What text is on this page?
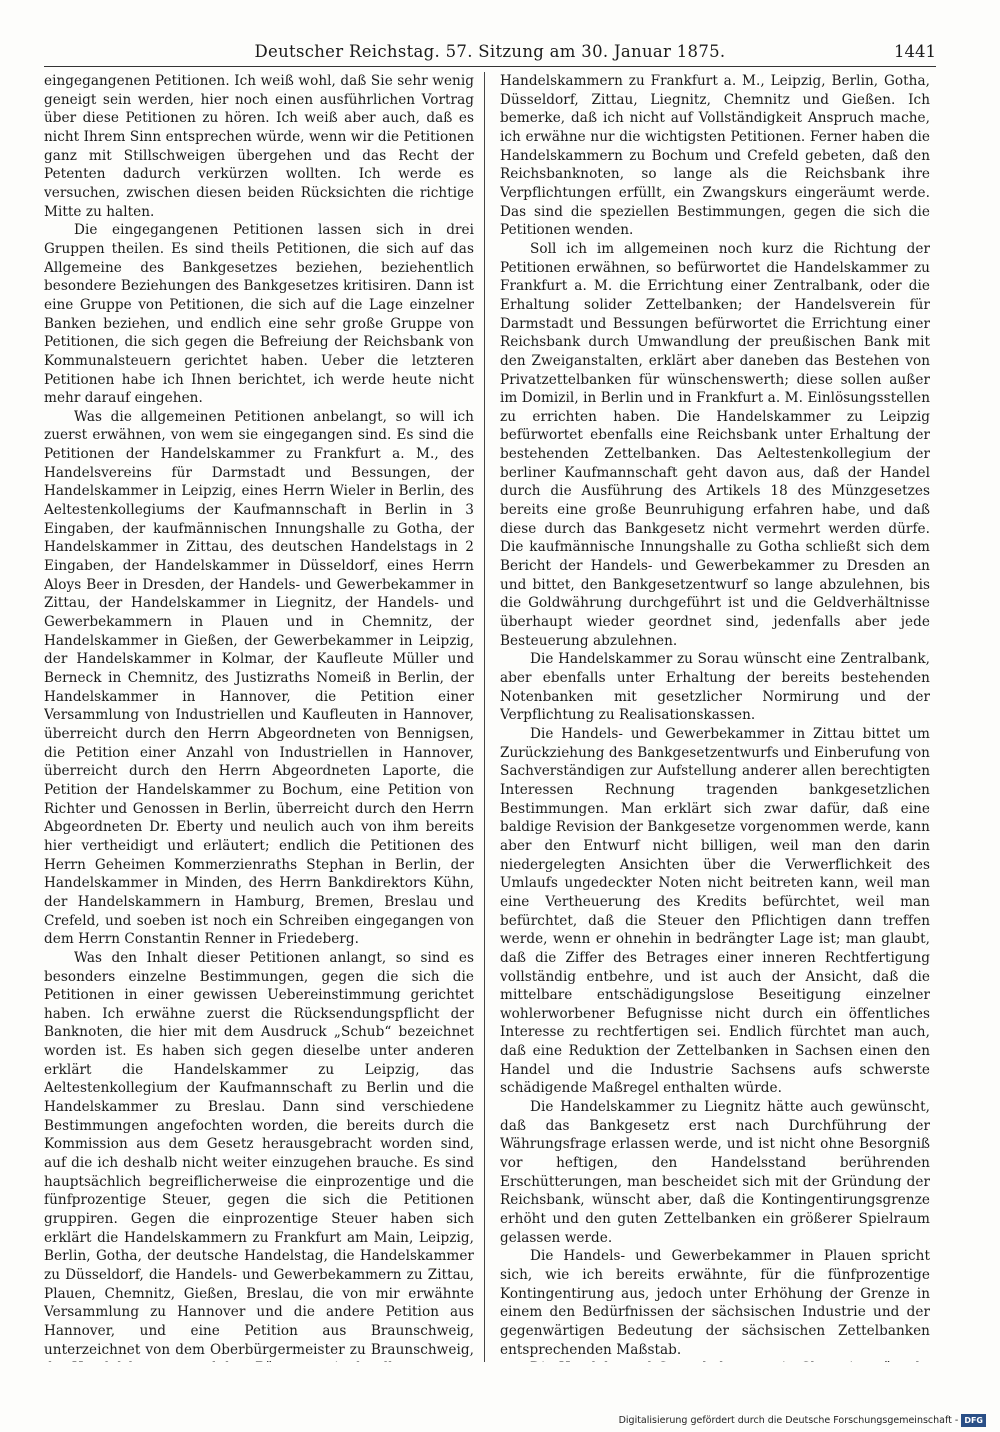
Deutscher Reichstag. 57. Sitzung am 30. Januar 1875.	1441

eingegangenen Petitionen. Ich weiß wohl, daß Sie sehr wenig geneigt sein werden, hier noch einen ausführlichen Vortrag über diese Petitionen zu hören. Ich weiß aber auch, daß es nicht Ihrem Sinn entsprechen würde, wenn wir die Petitionen ganz mit Stillschweigen übergehen und das Recht der Petenten dadurch verkürzen wollten. Ich werde es versuchen, zwischen diesen beiden Rücksichten die richtige Mitte zu halten.

Die eingegangenen Petitionen lassen sich in drei Gruppen theilen. Es sind theils Petitionen, die sich auf das Allgemeine des Bankgesetzes beziehen, beziehentlich besondere Beziehungen des Bankgesetzes kritisiren. Dann ist eine Gruppe von Petitionen, die sich auf die Lage einzelner Banken beziehen, und endlich eine sehr große Gruppe von Petitionen, die sich gegen die Befreiung der Reichsbank von Kommunalsteuern gerichtet haben. Ueber die letzteren Petitionen habe ich Ihnen berichtet, ich werde heute nicht mehr darauf eingehen.

Was die allgemeinen Petitionen anbelangt, so will ich zuerst erwähnen, von wem sie eingegangen sind. Es sind die Petitionen der Handelskammer zu Frankfurt a. M., des Handelsvereins für Darmstadt und Bessungen, der Handelskammer in Leipzig, eines Herrn Wieler in Berlin, des Aeltestenkollegiums der Kaufmannschaft in Berlin in 3 Eingaben, der kaufmännischen Innungshalle zu Gotha, der Handelskammer in Zittau, des deutschen Handelstags in 2 Eingaben, der Handelskammer in Düsseldorf, eines Herrn Aloys Beer in Dresden, der Handels- und Gewerbekammer in Zittau, der Handelskammer in Liegnitz, der Handels- und Gewerbekammern in Plauen und in Chemnitz, der Handelskammer in Gießen, der Gewerbekammer in Leipzig, der Handelskammer in Kolmar, der Kaufleute Müller und Berneck in Chemnitz, des Justizraths Nomeiß in Berlin, der Handelskammer in Hannover, die Petition einer Versammlung von Industriellen und Kaufleuten in Hannover, überreicht durch den Herrn Abgeordneten von Bennigsen, die Petition einer Anzahl von Industriellen in Hannover, überreicht durch den Herrn Abgeordneten Laporte, die Petition der Handelskammer zu Bochum, eine Petition von Richter und Genossen in Berlin, überreicht durch den Herrn Abgeordneten Dr. Eberty und neulich auch von ihm bereits hier vertheidigt und erläutert; endlich die Petitionen des Herrn Geheimen Kommerzienraths Stephan in Berlin, der Handelskammer in Minden, des Herrn Bankdirektors Kühn, der Handelskammern in Hamburg, Bremen, Breslau und Crefeld, und soeben ist noch ein Schreiben eingegangen von dem Herrn Constantin Renner in Friedeberg.

Was den Inhalt dieser Petitionen anlangt, so sind es besonders einzelne Bestimmungen, gegen die sich die Petitionen in einer gewissen Uebereinstimmung gerichtet haben. Ich erwähne zuerst die Rücksendungspflicht der Banknoten, die hier mit dem Ausdruck „Schub“ bezeichnet worden ist. Es haben sich gegen dieselbe unter anderen erklärt die Handelskammer zu Leipzig, das Aeltestenkollegium der Kaufmannschaft zu Berlin und die Handelskammer zu Breslau. Dann sind verschiedene Bestimmungen angefochten worden, die bereits durch die Kommission aus dem Gesetz herausgebracht worden sind, auf die ich deshalb nicht weiter einzugehen brauche. Es sind hauptsächlich begreiflicherweise die einprozentige und die fünfprozentige Steuer, gegen die sich die Petitionen gruppiren. Gegen die einprozentige Steuer haben sich erklärt die Handelskammern zu Frankfurt am Main, Leipzig, Berlin, Gotha, der deutsche Handelstag, die Handelskammer zu Düsseldorf, die Handels- und Gewerbekammern zu Zittau, Plauen, Chemnitz, Gießen, Breslau, die von mir erwähnte Versammlung zu Hannover und die andere Petition aus Hannover, und eine Petition aus Braunschweig, unterzeichnet von dem Oberbürgermeister zu Braunschweig,

Handelskammern zu Frankfurt a. M., Leipzig, Berlin, Gotha, Düsseldorf, Zittau, Liegnitz, Chemnitz und Gießen. Ich bemerke, daß ich nicht auf Vollständigkeit Anspruch mache, ich erwähne nur die wichtigsten Petitionen. Ferner haben die Handelskammern zu Bochum und Crefeld gebeten, daß den Reichsbanknoten, so lange als die Reichsbank ihre Verpflichtungen erfüllt, ein Zwangskurs eingeräumt werde. Das sind die speziellen Bestimmungen, gegen die sich die Petitionen wenden.

Soll ich im allgemeinen noch kurz die Richtung der Petitionen erwähnen, so befürwortet die Handelskammer zu Frankfurt a. M. die Errichtung einer Zentralbank, oder die Erhaltung solider Zettelbanken; der Handelsverein für Darmstadt und Bessungen befürwortet die Errichtung einer Reichsbank durch Umwandlung der preußischen Bank mit den Zweiganstalten, erklärt aber daneben das Bestehen von Privatzettelbanken für wünschenswerth; diese sollen außer im Domizil, in Berlin und in Frankfurt a. M. Einlösungsstellen zu errichten haben. Die Handelskammer zu Leipzig befürwortet ebenfalls eine Reichsbank unter Erhaltung der bestehenden Zettelbanken. Das Aeltestenkollegium der berliner Kaufmannschaft geht davon aus, daß der Handel durch die Ausführung des Artikels 18 des Münzgesetzes bereits eine große Beunruhigung erfahren habe, und daß diese durch das Bankgesetz nicht vermehrt werden dürfe. Die kaufmännische Innungshalle zu Gotha schließt sich dem Bericht der Handels- und Gewerbekammer zu Dresden an und bittet, den Bankgesetzentwurf so lange abzulehnen, bis die Goldwährung durchgeführt ist und die Geldverhältnisse überhaupt wieder geordnet sind, jedenfalls aber jede Besteuerung abzulehnen.

Die Handelskammer zu Sorau wünscht eine Zentralbank, aber ebenfalls unter Erhaltung der bereits bestehenden Notenbanken mit gesetzlicher Normirung und der Verpflichtung zu Realisationskassen.

Die Handels- und Gewerbekammer in Zittau bittet um Zurückziehung des Bankgesetzentwurfs und Einberufung von Sachverständigen zur Aufstellung anderer allen berechtigten Interessen Rechnung tragenden bankgesetzlichen Bestimmungen. Man erklärt sich zwar dafür, daß eine baldige Revision der Bankgesetze vorgenommen werde, kann aber den Entwurf nicht billigen, weil man den darin niedergelegten Ansichten über die Verwerflichkeit des Umlaufs ungedeckter Noten nicht beitreten kann, weil man eine Vertheuerung des Kredits befürchtet, weil man befürchtet, daß die Steuer den Pflichtigen dann treffen werde, wenn er ohnehin in bedrängter Lage ist; man glaubt, daß die Ziffer des Betrages einer inneren Rechtfertigung vollständig entbehre, und ist auch der Ansicht, daß die mittelbare entschädigungslose Beseitigung einzelner wohlerworbener Befugnisse nicht durch ein öffentliches Interesse zu rechtfertigen sei. Endlich fürchtet man auch, daß eine Reduktion der Zettelbanken in Sachsen einen den Handel und die Industrie Sachsens aufs schwerste schädigende Maßregel enthalten würde.

Die Handelskammer zu Liegnitz hätte auch gewünscht, daß das Bankgesetz erst nach Durchführung der Währungsfrage erlassen werde, und ist nicht ohne Besorgniß vor heftigen, den Handelsstand berührenden Erschütterungen, man bescheidet sich mit der Gründung der Reichsbank, wünscht aber, daß die Kontingentirungsgrenze erhöht und den guten Zettelbanken ein größerer Spielraum gelassen werde.

Die Handels- und Gewerbekammer in Plauen spricht sich, wie ich bereits erwähnte, für die fünfprozentige Kontingentirung aus, jedoch unter Erhöhung der Grenze in einem den Bedürfnissen der sächsischen Industrie und der gegenwärtigen Bedeutung der sächsischen Zettelbanken entsprechenden Maßstab.

Digitalisierung gefördert durch die Deutsche Forschungsgemeinschaft - DFG
